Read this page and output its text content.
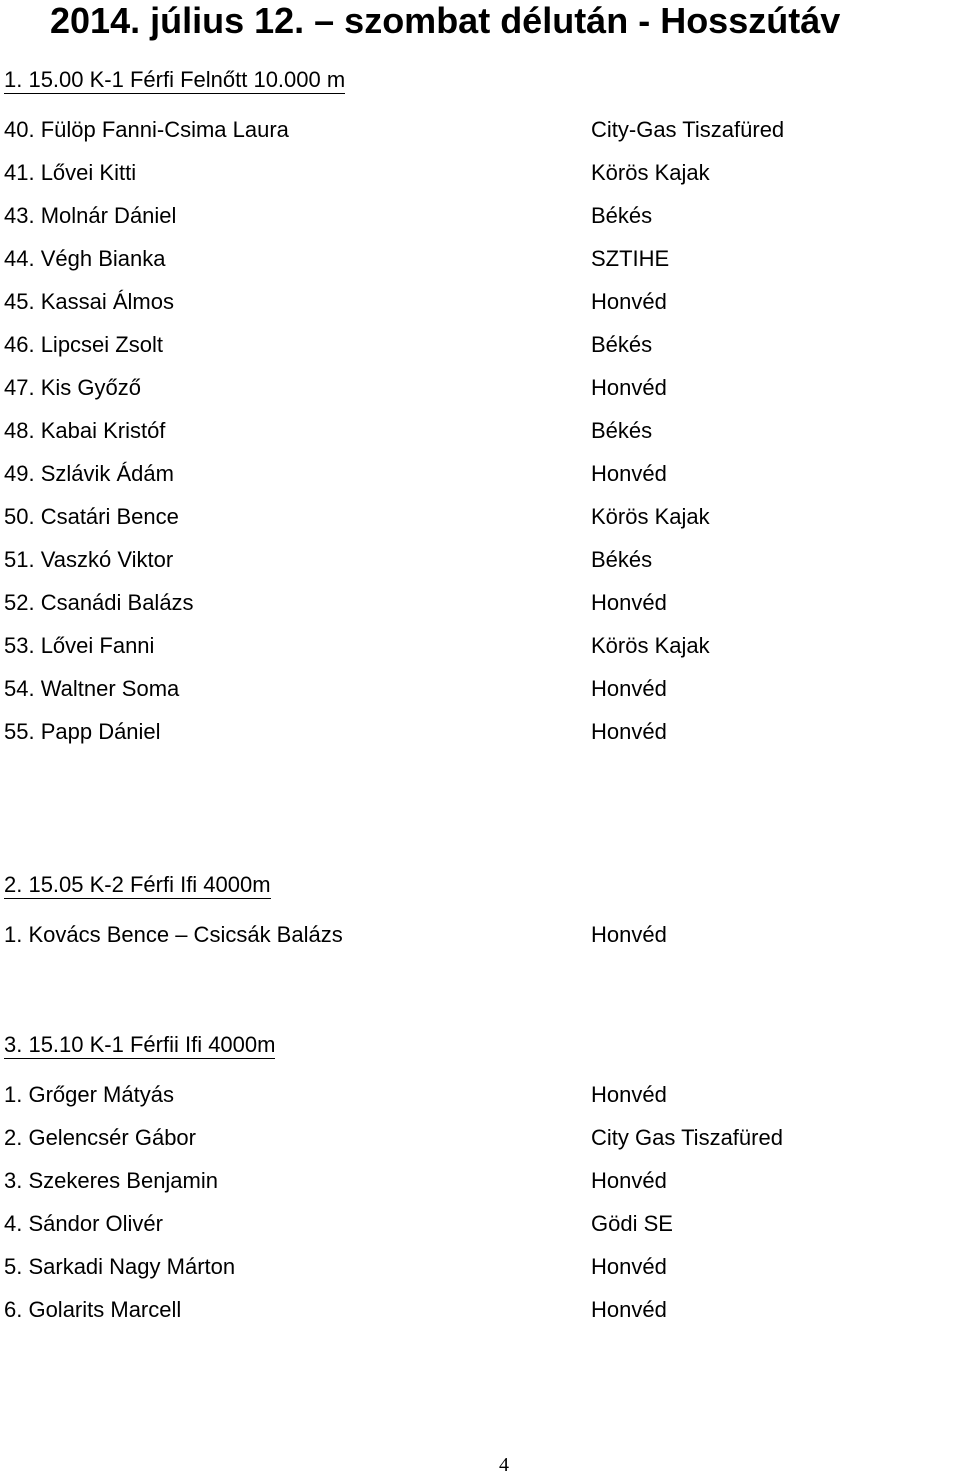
2014. július 12. – szombat délután - Hosszútáv
1. 15.00 K-1 Férfi Felnőtt 10.000 m
40. Fülöp Fanni-Csima Laura	City-Gas Tiszafüred
41. Lővei Kitti	Körös Kajak
43. Molnár Dániel	Békés
44. Végh Bianka	SZTIHE
45. Kassai Álmos	Honvéd
46. Lipcsei Zsolt	Békés
47. Kis Győző	Honvéd
48. Kabai Kristóf	Békés
49. Szlávik Ádám	Honvéd
50. Csatári Bence	Körös Kajak
51. Vaszkó Viktor	Békés
52. Csanádi Balázs	Honvéd
53. Lővei Fanni	Körös Kajak
54. Waltner Soma	Honvéd
55. Papp Dániel	Honvéd
2. 15.05 K-2 Férfi Ifi 4000m
1. Kovács Bence – Csicsák Balázs	Honvéd
3. 15.10 K-1 Férfii Ifi 4000m
1. Grőger Mátyás	Honvéd
2. Gelencsér Gábor	City Gas Tiszafüred
3. Szekeres Benjamin	Honvéd
4. Sándor Olivér	Gödi SE
5. Sarkadi Nagy Márton	Honvéd
6. Golarits Marcell	Honvéd
4
